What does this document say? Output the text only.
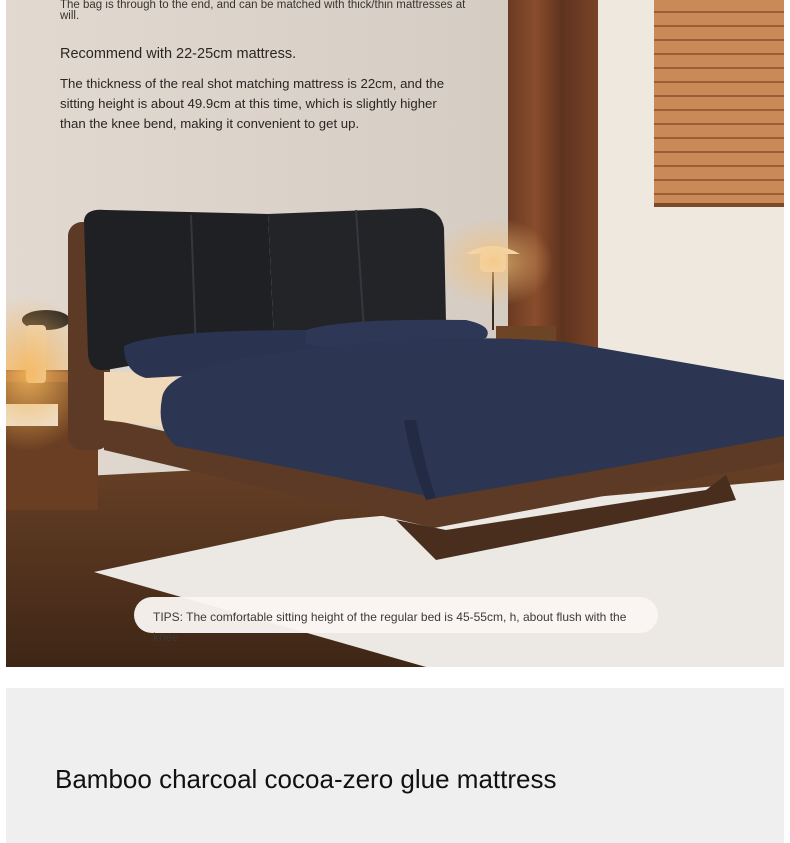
The bag is through to the end, and can be matched with thick/thin mattresses at will.

Recommend with 22-25cm mattress.

The thickness of the real shot matching mattress is 22cm, and the sitting height is about 49.9cm at this time, which is slightly higher than the knee bend, making it convenient to get up.

TIPS: The comfortable sitting height of the regular bed is 45-55cm, h, about flush with the knee.
Bamboo charcoal cocoa-zero glue mattress
